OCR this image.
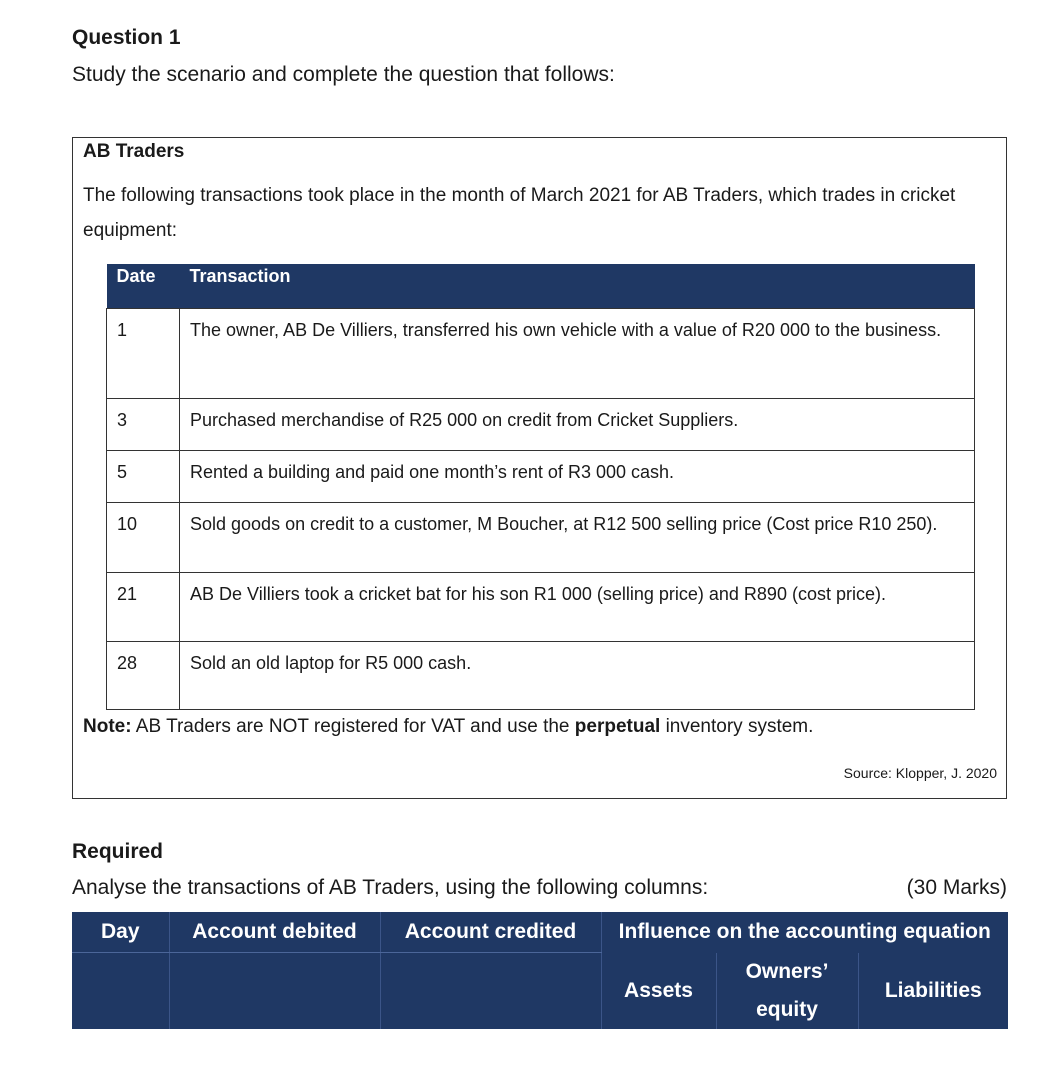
Question 1
Study the scenario and complete the question that follows:
AB Traders
The following transactions took place in the month of March 2021 for AB Traders, which trades in cricket equipment:
Date	Transaction
1	The owner, AB De Villiers, transferred his own vehicle with a value of R20 000 to the business.
3	Purchased merchandise of R25 000 on credit from Cricket Suppliers.
5	Rented a building and paid one month’s rent of R3 000 cash.
10	Sold goods on credit to a customer, M Boucher, at R12 500 selling price (Cost price R10 250).
21	AB De Villiers took a cricket bat for his son R1 000 (selling price) and R890 (cost price).
28	Sold an old laptop for R5 000 cash.
Note: AB Traders are NOT registered for VAT and use the perpetual inventory system.
Source: Klopper, J. 2020
Required
Analyse the transactions of AB Traders, using the following columns:	(30 Marks)
Day	Account debited	Account credited	Influence on the accounting equation		
			Assets	Owners’
equity	Liabilities
